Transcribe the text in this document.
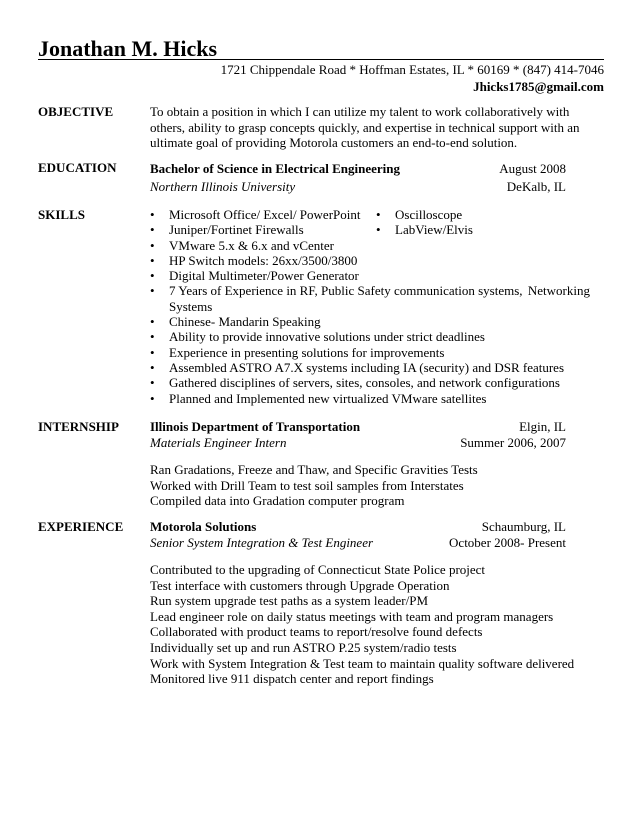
Jonathan M. Hicks
1721 Chippendale Road * Hoffman Estates, IL * 60169 * (847) 414-7046
Jhicks1785@gmail.com
OBJECTIVE	To obtain a position in which I can utilize my talent to work collaboratively with
others, ability to grasp concepts quickly, and expertise in technical support with an
ultimate goal of providing Motorola customers an end-to-end solution.
EDUCATION	Bachelor of Science in Electrical Engineering	August 2008
Northern Illinois University	DeKalb, IL
SKILLS
•	Microsoft Office/ Excel/ PowerPoint
• Juniper/Fortinet Firewalls
• Oscilloscope
• LabView/Elvis
• VMware 5.x & 6.x and vCenter
• HP Switch models: 26xx/3500/3800
• Digital Multimeter/Power Generator
• 7 Years of Experience in RF, Public Safety communication systems, Networking
Systems
• Chinese- Mandarin Speaking
• Ability to provide innovative solutions under strict deadlines
• Experience in presenting solutions for improvements
• Assembled ASTRO A7.X systems including IA (security) and DSR features
• Gathered disciplines of servers, sites, consoles, and network configurations
• Planned and Implemented new virtualized VMware satellites
INTERNSHIP Illinois Department of Transportation	Elgin, IL
Materials Engineer Intern	Summer 2006, 2007

Ran Gradations, Freeze and Thaw, and Specific Gravities Tests

Worked with Drill Team to test soil samples from Interstates

Compiled data into Gradation computer program

EXPERIENCE Motorola Solutions	Schaumburg, IL
Senior System Integration & Test Engineer	October 2008- Present

Contributed to the upgrading of Connecticut State Police project

Test interface with customers through Upgrade Operation

Run system upgrade test paths as a system leader/PM

Lead engineer role on daily status meetings with team and program managers

Collaborated with product teams to report/resolve found defects

Individually set up and run ASTRO P.25 system/radio tests

Work with System Integration & Test team to maintain quality software delivered

Monitored live 911 dispatch center and report findings
